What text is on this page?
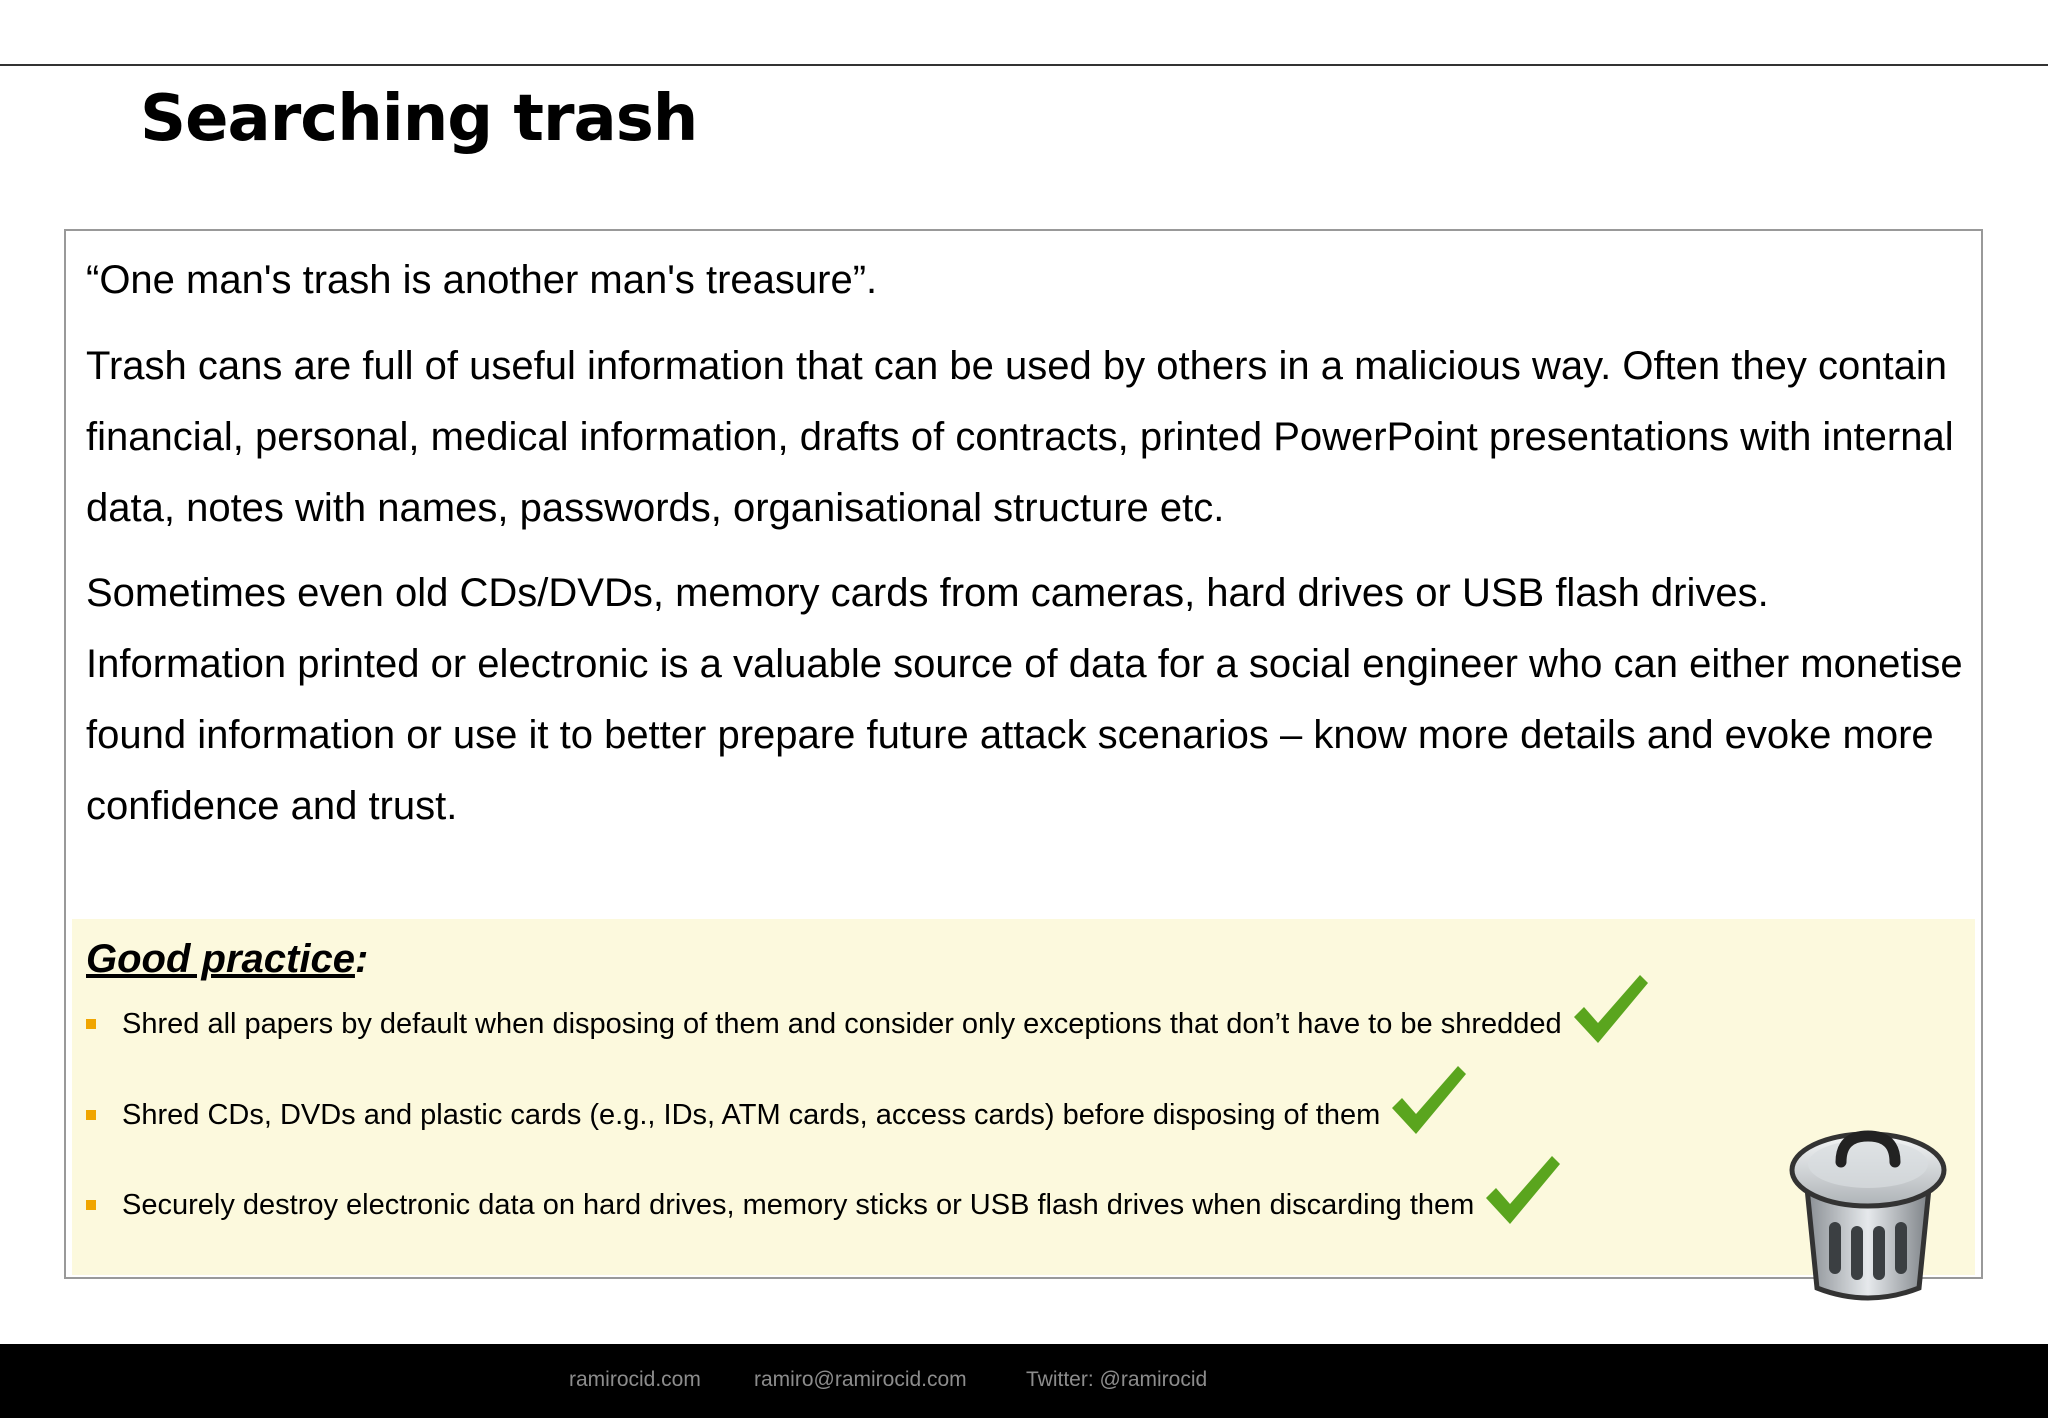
Searching trash

“One man's trash is another man's treasure”.

Trash cans are full of useful information that can be used by others in a malicious way. Often they contain financial, personal, medical information, drafts of contracts, printed PowerPoint presentations with internal data, notes with names, passwords, organisational structure etc.

Sometimes even old CDs/DVDs, memory cards from cameras, hard drives or USB flash drives. Information printed or electronic is a valuable source of data for a social engineer who can either monetise found information or use it to better prepare future attack scenarios – know more details and evoke more confidence and trust.

Good practice:
Shred all papers by default when disposing of them and consider only exceptions that don’t have to be shredded
Shred CDs, DVDs and plastic cards (e.g., IDs, ATM cards, access cards) before disposing of them
Securely destroy electronic data on hard drives, memory sticks or USB flash drives when discarding them
ramirocid.com	ramiro@ramirocid.com	Twitter: @ramirocid
